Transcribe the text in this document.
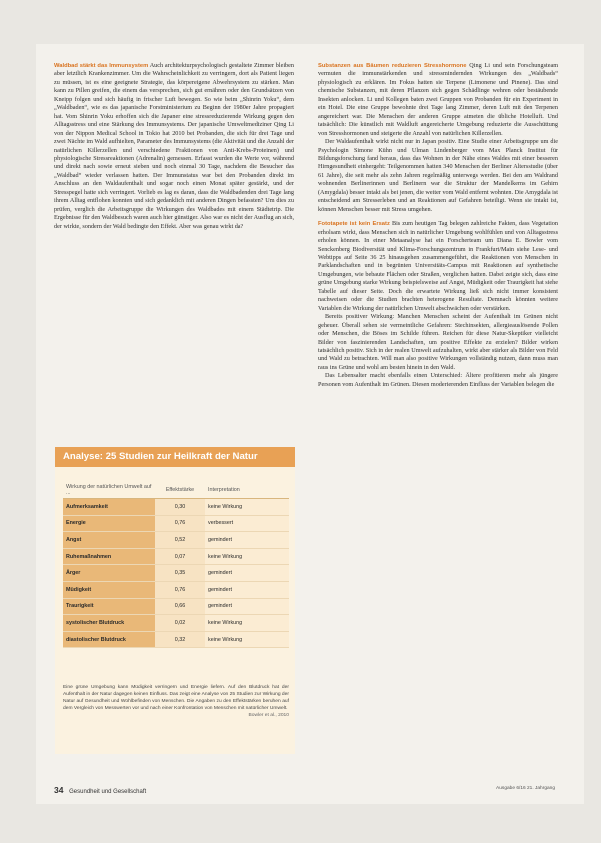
Waldbad stärkt das Immunsystem Auch architekturpsychologisch gestaltete Zimmer bleiben aber letztlich Krankenzimmer. Um die Wahrscheinlichkeit zu verringern, dort als Patient liegen zu müssen, ist es eine geeignete Strategie, das körpereigene Abwehrsystem zu stärken. Man kann zu Pillen greifen, die einem das versprechen, sich gut ernähren oder den Grundsätzen von Kneipp folgen und sich häufig in frischer Luft bewegen. So wie beim „Shinrin Yoku“, dem „Waldbaden“, wie es das japanische Forstministerium zu Beginn der 1980er Jahre propagiert hat. Vom Shinrin Yoku erhoffen sich die Japaner eine stressreduzierende Wirkung gegen den Alltagsstress und eine Stärkung des Immunsystems. Der japanische Umweltmediziner Qing Li von der Nippon Medical School in Tokio hat 2010 bei Probanden, die sich für drei Tage und zwei Nächte im Wald aufhielten, Parameter des Immunsystems (die Aktivität und die Anzahl der natürlichen Killerzellen und verschiedene Fraktionen von Anti-Krebs-Proteinen) und physiologische Stressreaktionen (Adrenalin) gemessen. Erfasst wurden die Werte vor, während und direkt nach sowie erneut sieben und noch einmal 30 Tage, nachdem die Besucher das „Waldbad“ wieder verlassen hatten. Der Immunstatus war bei den Probanden direkt im Anschluss an den Waldaufenthalt und sogar noch einen Monat später gestärkt, und der Stresspegel hatte sich verringert. Vorlieb es lag es daran, dass die Waldbadenden drei Tage lang ihrem Alltag entflohen konnten und sich gedanklich mit anderen Dingen befassten? Um dies zu prüfen, verglich die Arbeitsgruppe die Wirkungen des Waldbades mit einem Städtetrip. Die Ergebnisse für den Waldbesuch waren auch hier günstiger. Also war es nicht der Ausflug an sich, der wirkte, sondern der Wald bedingte den Effekt. Aber was genau wirkt da?

Substanzen aus Bäumen reduzieren Stresshormone Qing Li und sein Forschungsteam vermuten die immunstärkenden und stressmindernden Wirkungen des „Waldbads“ physiologisch zu erklären. Im Fokus hatten sie Terpene (Limonene und Pinene). Das sind chemische Substanzen, mit deren Pflanzen sich gegen Schädlinge wehren oder bestäubende Insekten anlocken. Li und Kollegen baten zwei Gruppen von Probanden für ein Experiment in ein Hotel. Die eine Gruppe bewohnte drei Tage lang Zimmer, deren Luft mit den Terpenen angereichert war. Die Menschen der anderen Gruppe atmeten die übliche Hotelluft. Und tatsächlich: Die künstlich mit Waldluft angereicherte Umgebung reduzierte die Ausschüttung von Stresshormonen und steigerte die Anzahl von natürlichen Killerzellen.

Der Waldaufenthalt wirkt nicht nur in Japan positiv. Eine Studie einer Arbeitsgruppe um die Psychologin Simone Kühn und Ulman Lindenberger vom Max Planck Institut für Bildungsforschung fand heraus, dass das Wohnen in der Nähe eines Waldes mit einer besseren Hirngesundheit einhergeht: Teilgenommen hatten 340 Menschen der Berliner Altersstudie (über 61 Jahre), die seit mehr als zehn Jahren regelmäßig unterwegs werden. Bei den am Waldrand wohnenden Berlinerinnen und Berlinern war die Struktur der Mandelkerns im Gehirn (Amygdala) besser intakt als bei jenen, die weiter vom Wald entfernt wohnten. Die Amygdala ist entscheidend am Stresserleben und an Reaktionen auf Gefahren beteiligt. Wenn sie intakt ist, können Menschen besser mit Stress umgehen.

Fototapete ist kein Ersatz Bis zum heutigen Tag belegen zahlreiche Fakten, dass Vegetation erholsam wirkt, dass Menschen sich in natürlicher Umgebung wohlfühlen und von Alltagsstress erholen können. In einer Metaanalyse hat ein Forscherteam um Diana E. Bowler vom Senckenberg Biodiversität und Klima-Forschungszentrum in Frankfurt/Main siehe Lese- und Webtipps auf Seite 36 25 hinausgehen zusammengeführt, die Reaktionen von Menschen in Parklandschaften und in begrünten Universitäts-Campus mit Reaktionen auf synthetische Umgebungen, wie bebaute Flächen oder Straßen, verglichen hatten. Dabei zeigte sich, dass eine grüne Umgebung starke Wirkung beispielsweise auf Angst, Müdigkeit oder Traurigkeit hat siehe Tabelle auf dieser Seite. Doch die erwartete Wirkung ließ sich nicht immer konsistent nachweisen oder die Studien brachten heterogene Resultate. Demnach könnten weitere Variablen die Wirkung der natürlichen Umwelt abschwächen oder verstärken.

Bereits positiver Wirkung: Manchen Menschen scheint der Aufenthalt im Grünen nicht geheuer. Überall sehen sie vermeintliche Gefahren: Stechinsekten, allergieauslösende Pollen oder Menschen, die Böses im Schilde führen. Reichen für diese Natur-Skeptiker vielleicht Bilder von faszinierenden Landschaften, um positive Effekte zu erzielen? Bilder wirken tatsächlich positiv. Sich in der realen Umwelt aufzuhalten, wirkt aber stärker als Bilder von Feld und Wald zu betrachten. Will man also positive Wirkungen vollständig nutzen, dann muss man raus ins Grüne und wohl am besten hinein in den Wald.

Das Lebensalter macht ebenfalls einen Unterschied: Ältere profitieren mehr als jüngere Personen vom Aufenthalt im Grünen. Diesen moderierenden Einfluss der Variablen belegen die

Analyse: 25 Studien zur Heilkraft der Natur
Wirkung der natürlichen Umwelt auf ...	Effektstärke	Interpretation
Aufmerksamkeit	0,30	keine Wirkung
Energie	0,76	verbessert
Angst	0,52	gemindert
Ruhemaßnahmen	0,07	keine Wirkung
Ärger	0,35	gemindert
Müdigkeit	0,76	gemindert
Traurigkeit	0,66	gemindert
systolischer Blutdruck	0,02	keine Wirkung
diastolischer Blutdruck	0,32	keine Wirkung
Eine grüne Umgebung kann Müdigkeit verringern und Energie liefern. Auf den Blutdruck hat der Aufenthalt in der Natur dagegen keinen Einfluss. Das zeigt eine Analyse von 25 Studien zur Wirkung der Natur auf Gesundheit und Wohlbefinden von Menschen. Die Angaben zu den Effektstärken beruhen auf dem Vergleich von Messwerten vor und nach einer Konfrontation von Menschen mit natürlicher Umwelt.
Bowler et al., 2010
34 Gesundheit und Gesellschaft
Ausgabe 6/16 21. Jahrgang
